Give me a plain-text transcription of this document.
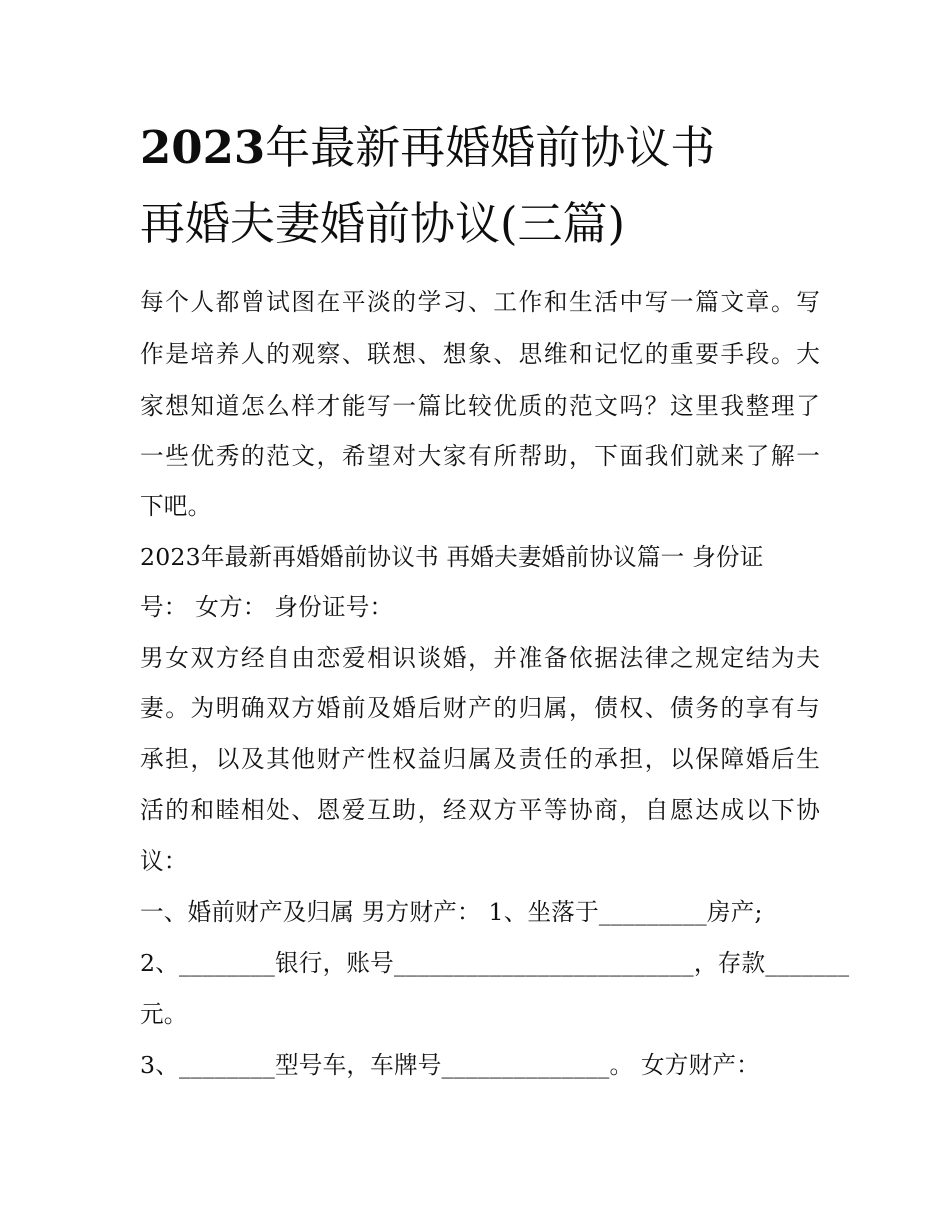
2023年最新再婚婚前协议书
再婚夫妻婚前协议(三篇)

每个人都曾试图在平淡的学习、工作和生活中写一篇文章。写

作是培养人的观察、联想、想象、思维和记忆的重要手段。大

家想知道怎么样才能写一篇比较优质的范文吗？这里我整理了

一些优秀的范文，希望对大家有所帮助，下面我们就来了解一

下吧。

2023年最新再婚婚前协议书 再婚夫妻婚前协议篇一 身份证

号： 女方： 身份证号：

男女双方经自由恋爱相识谈婚，并准备依据法律之规定结为夫

妻。为明确双方婚前及婚后财产的归属，债权、债务的享有与

承担，以及其他财产性权益归属及责任的承担，以保障婚后生

活的和睦相处、恩爱互助，经双方平等协商，自愿达成以下协

议：

一、婚前财产及归属 男方财产： 1、坐落于_________房产;

2、________银行，账号_________________________，存款_______

元。

3、________型号车，车牌号______________。 女方财产：
